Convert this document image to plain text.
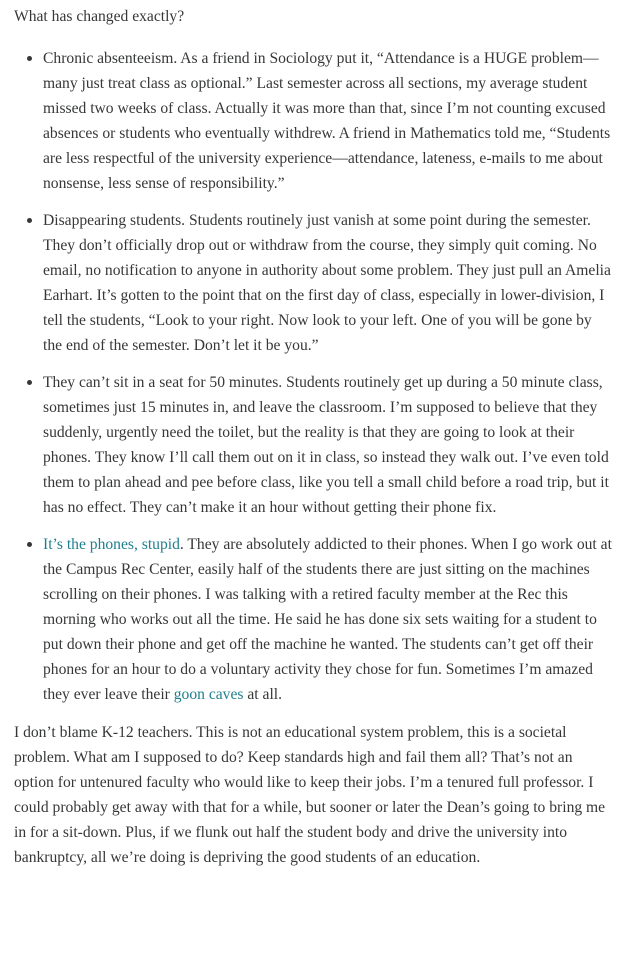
What has changed exactly?

Chronic absenteeism. As a friend in Sociology put it, “Attendance is a HUGE problem—many just treat class as optional.” Last semester across all sections, my average student missed two weeks of class. Actually it was more than that, since I’m not counting excused absences or students who eventually withdrew. A friend in Mathematics told me, “Students are less respectful of the university experience—attendance, lateness, e-mails to me about nonsense, less sense of responsibility.”
Disappearing students. Students routinely just vanish at some point during the semester. They don’t officially drop out or withdraw from the course, they simply quit coming. No email, no notification to anyone in authority about some problem. They just pull an Amelia Earhart. It’s gotten to the point that on the first day of class, especially in lower-division, I tell the students, “Look to your right. Now look to your left. One of you will be gone by the end of the semester. Don’t let it be you.”
They can’t sit in a seat for 50 minutes. Students routinely get up during a 50 minute class, sometimes just 15 minutes in, and leave the classroom. I’m supposed to believe that they suddenly, urgently need the toilet, but the reality is that they are going to look at their phones. They know I’ll call them out on it in class, so instead they walk out. I’ve even told them to plan ahead and pee before class, like you tell a small child before a road trip, but it has no effect. They can’t make it an hour without getting their phone fix.
It’s the phones, stupid. They are absolutely addicted to their phones. When I go work out at the Campus Rec Center, easily half of the students there are just sitting on the machines scrolling on their phones. I was talking with a retired faculty member at the Rec this morning who works out all the time. He said he has done six sets waiting for a student to put down their phone and get off the machine he wanted. The students can’t get off their phones for an hour to do a voluntary activity they chose for fun. Sometimes I’m amazed they ever leave their goon caves at all.

I don’t blame K-12 teachers. This is not an educational system problem, this is a societal problem. What am I supposed to do? Keep standards high and fail them all? That’s not an option for untenured faculty who would like to keep their jobs. I’m a tenured full professor. I could probably get away with that for a while, but sooner or later the Dean’s going to bring me in for a sit-down. Plus, if we flunk out half the student body and drive the university into bankruptcy, all we’re doing is depriving the good students of an education.
